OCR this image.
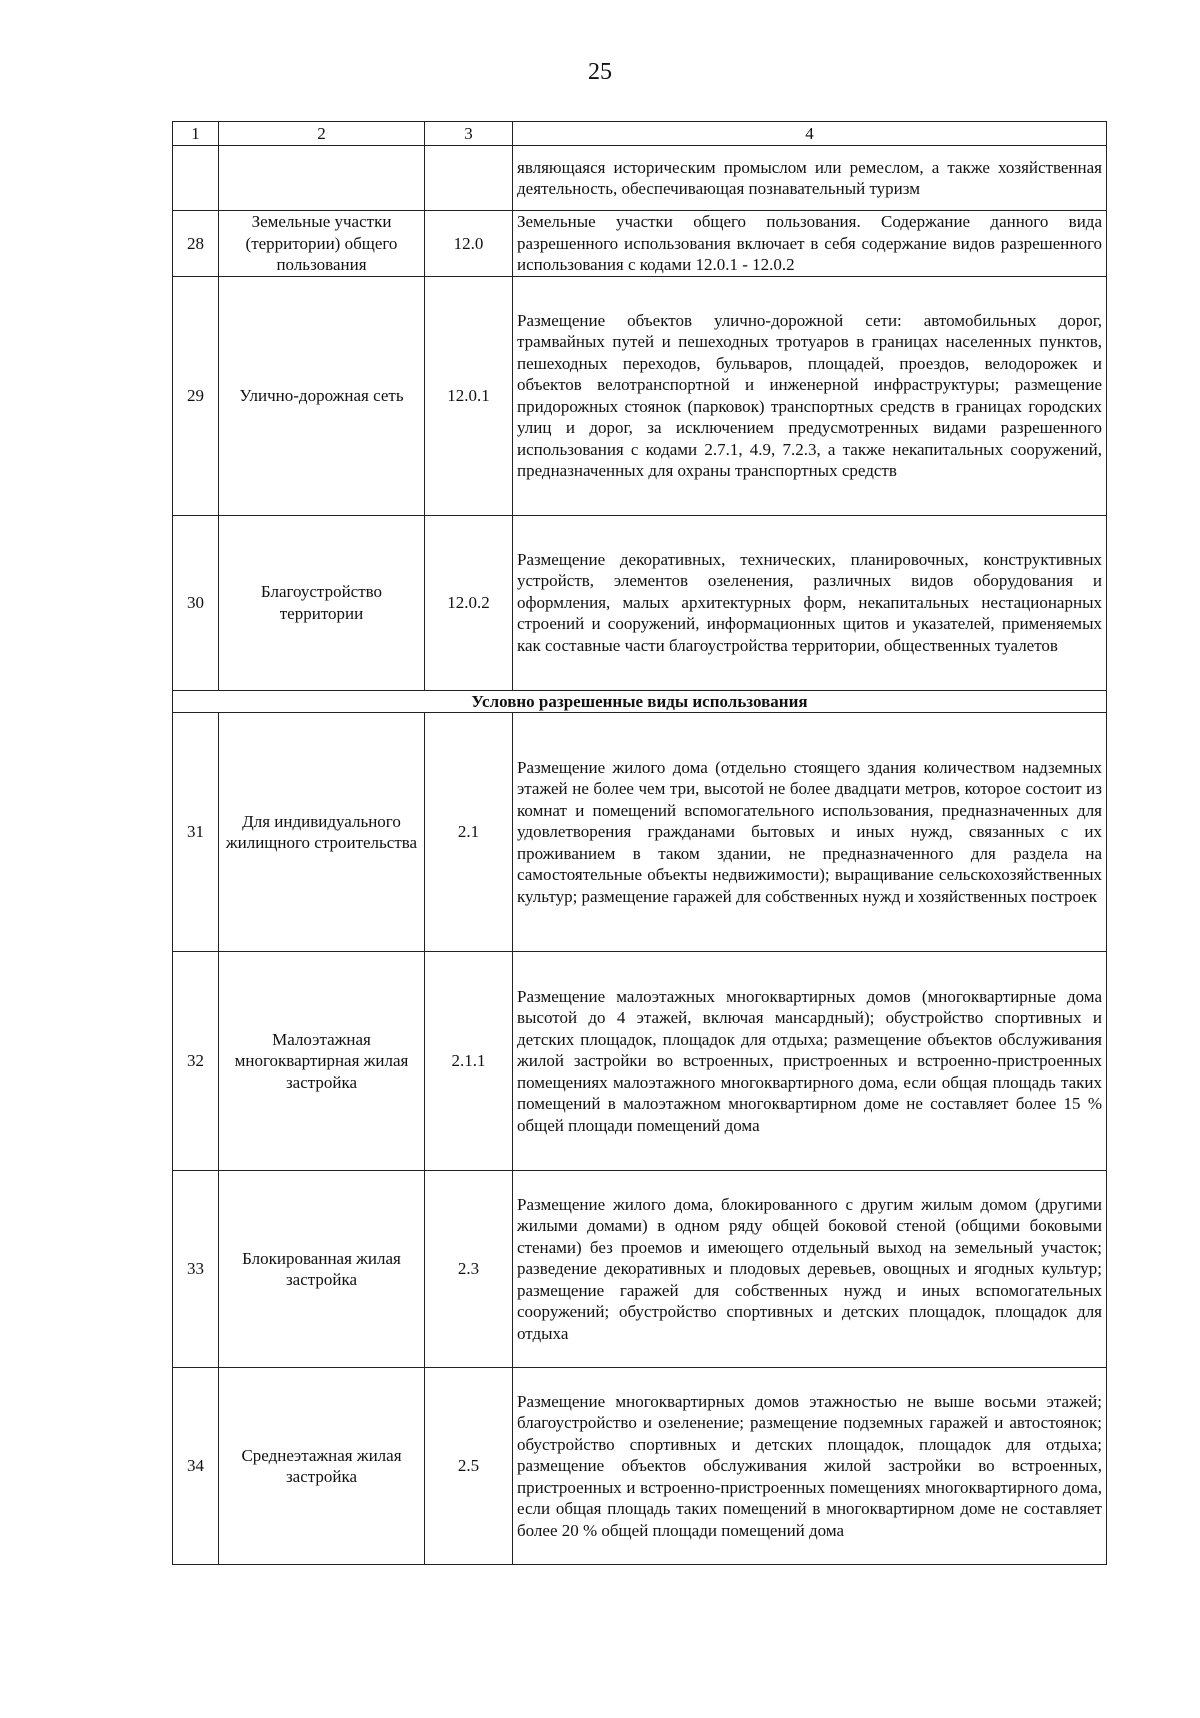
25
1	2	3	4
			являющаяся историческим промыслом или ремеслом, а также хозяйственная деятельность, обеспечивающая познавательный туризм
28	Земельные участки (территории) общего пользования	12.0	Земельные участки общего пользования. Содержание данного вида разрешенного использования включает в себя содержание видов разрешенного использования с кодами 12.0.1 - 12.0.2
29	Улично-дорожная сеть	12.0.1	Размещение объектов улично-дорожной сети: автомобильных дорог, трамвайных путей и пешеходных тротуаров в границах населенных пунктов, пешеходных переходов, бульваров, площадей, проездов, велодорожек и объектов велотранспортной и инженерной инфраструктуры; размещение придорожных стоянок (парковок) транспортных средств в границах городских улиц и дорог, за исключением предусмотренных видами разрешенного использования с кодами 2.7.1, 4.9, 7.2.3, а также некапитальных сооружений, предназначенных для охраны транспортных средств
30	Благоустройство территории	12.0.2	Размещение декоративных, технических, планировочных, конструктивных устройств, элементов озеленения, различных видов оборудования и оформления, малых архитектурных форм, некапитальных нестационарных строений и сооружений, информационных щитов и указателей, применяемых как составные части благоустройства территории, общественных туалетов
Условно разрешенные виды использования			
31	Для индивидуального жилищного строительства	2.1	Размещение жилого дома (отдельно стоящего здания количеством надземных этажей не более чем три, высотой не более двадцати метров, которое состоит из комнат и помещений вспомогательного использования, предназначенных для удовлетворения гражданами бытовых и иных нужд, связанных с их проживанием в таком здании, не предназначенного для раздела на самостоятельные объекты недвижимости); выращивание сельскохозяйственных культур; размещение гаражей для собственных нужд и хозяйственных построек
32	Малоэтажная многоквартирная жилая застройка	2.1.1	Размещение малоэтажных многоквартирных домов (многоквартирные дома высотой до 4 этажей, включая мансардный); обустройство спортивных и детских площадок, площадок для отдыха; размещение объектов обслуживания жилой застройки во встроенных, пристроенных и встроенно-пристроенных помещениях малоэтажного многоквартирного дома, если общая площадь таких помещений в малоэтажном многоквартирном доме не составляет более 15 % общей площади помещений дома
33	Блокированная жилая застройка	2.3	Размещение жилого дома, блокированного с другим жилым домом (другими жилыми домами) в одном ряду общей боковой стеной (общими боковыми стенами) без проемов и имеющего отдельный выход на земельный участок; разведение декоративных и плодовых деревьев, овощных и ягодных культур; размещение гаражей для собственных нужд и иных вспомогательных сооружений; обустройство спортивных и детских площадок, площадок для отдыха
34	Среднеэтажная жилая застройка	2.5	Размещение многоквартирных домов этажностью не выше восьми этажей; благоустройство и озеленение; размещение подземных гаражей и автостоянок; обустройство спортивных и детских площадок, площадок для отдыха; размещение объектов обслуживания жилой застройки во встроенных, пристроенных и встроенно-пристроенных помещениях многоквартирного дома, если общая площадь таких помещений в многоквартирном доме не составляет более 20 % общей площади помещений дома
